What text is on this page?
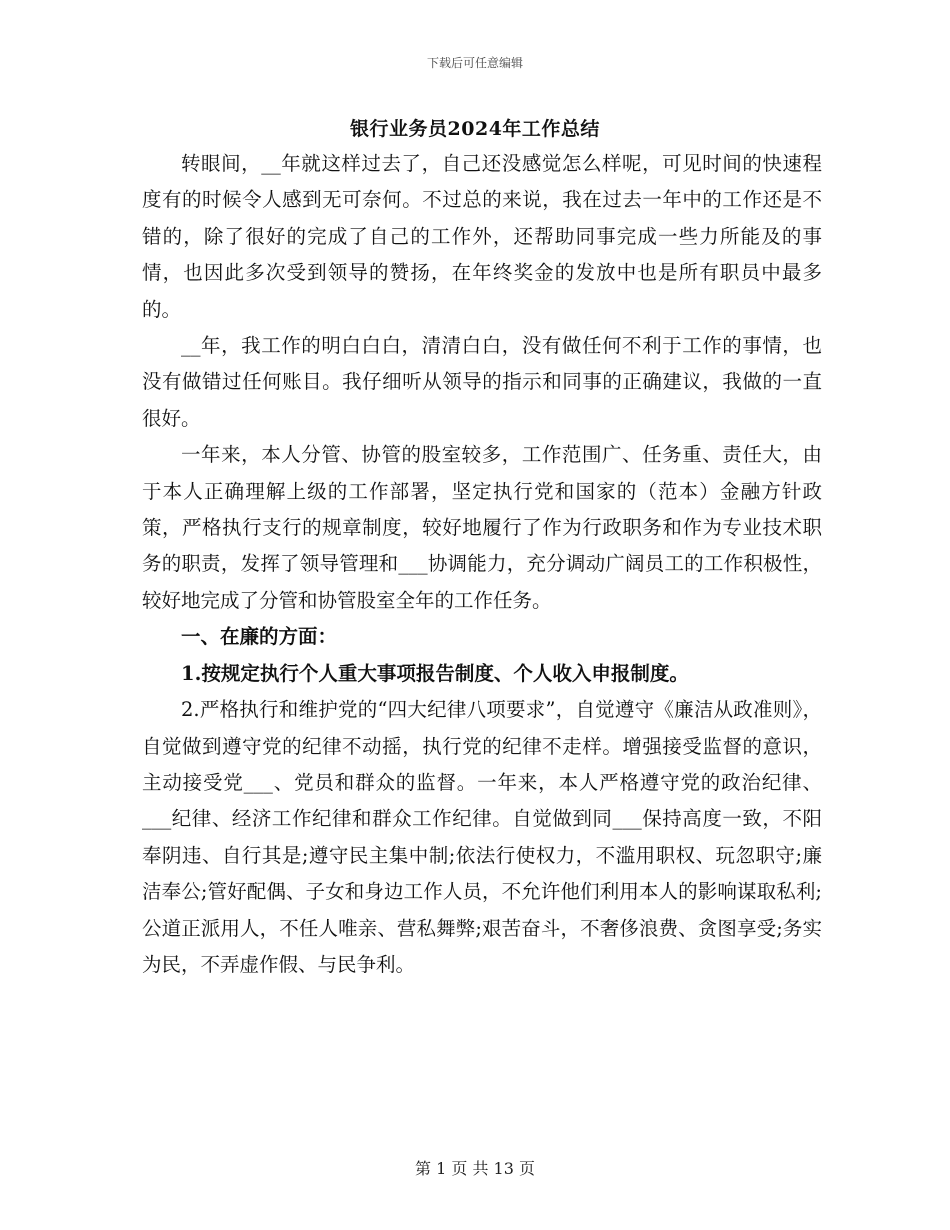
下载后可任意编辑
银行业务员2024年工作总结

转眼间，__年就这样过去了，自己还没感觉怎么样呢，可见时间的快速程度有的时候令人感到无可奈何。不过总的来说，我在过去一年中的工作还是不错的，除了很好的完成了自己的工作外，还帮助同事完成一些力所能及的事情，也因此多次受到领导的赞扬，在年终奖金的发放中也是所有职员中最多的。

__年，我工作的明白白白，清清白白，没有做任何不利于工作的事情，也没有做错过任何账目。我仔细听从领导的指示和同事的正确建议，我做的一直很好。

一年来，本人分管、协管的股室较多，工作范围广、任务重、责任大，由于本人正确理解上级的工作部署，坚定执行党和国家的（范本）金融方针政策，严格执行支行的规章制度，较好地履行了作为行政职务和作为专业技术职务的职责，发挥了领导管理和___协调能力，充分调动广阔员工的工作积极性，较好地完成了分管和协管股室全年的工作任务。

一、在廉的方面：

1.按规定执行个人重大事项报告制度、个人收入申报制度。

2.严格执行和维护党的“四大纪律八项要求”，自觉遵守《廉洁从政准则》，自觉做到遵守党的纪律不动摇，执行党的纪律不走样。增强接受监督的意识，主动接受党___、党员和群众的监督。一年来，本人严格遵守党的政治纪律、___纪律、经济工作纪律和群众工作纪律。自觉做到同___保持高度一致，不阳奉阴违、自行其是;遵守民主集中制;依法行使权力，不滥用职权、玩忽职守;廉洁奉公;管好配偶、子女和身边工作人员，不允许他们利用本人的影响谋取私利;公道正派用人，不任人唯亲、营私舞弊;艰苦奋斗，不奢侈浪费、贪图享受;务实为民，不弄虚作假、与民争利。

第 1 页 共 13 页
